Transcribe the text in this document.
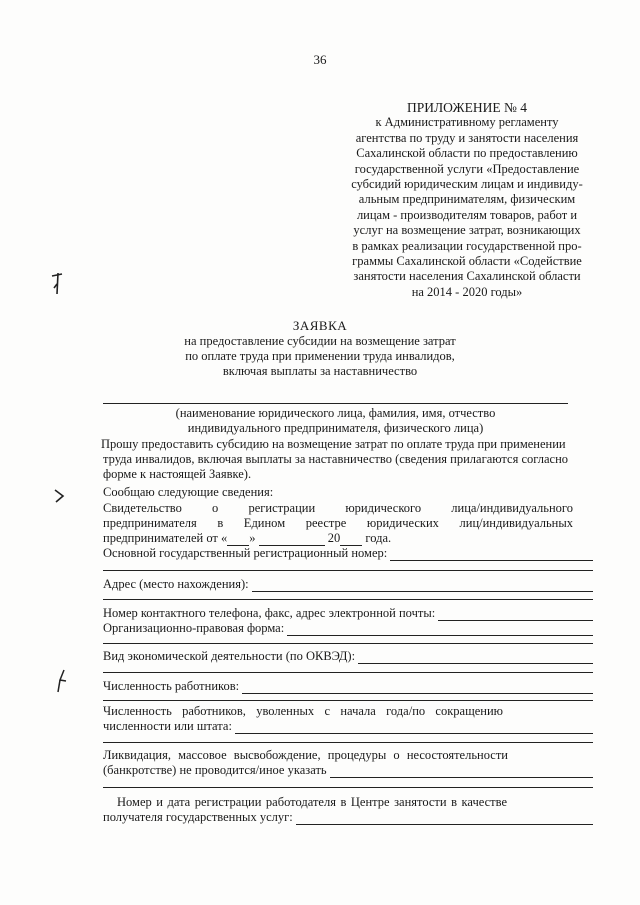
36
ПРИЛОЖЕНИЕ № 4
к Административному регламенту
агентства по труду и занятости населения
Сахалинской области по предоставлению
государственной услуги «Предоставление
субсидий юридическим лицам и индивиду-
альным предпринимателям, физическим
лицам - производителям товаров, работ и
услуг на возмещение затрат, возникающих
в рамках реализации государственной про-
граммы Сахалинской области «Содействие
занятости населения Сахалинской области
на 2014 - 2020 годы»
ЗАЯВКА
на предоставление субсидии на возмещение затрат
по оплате труда при применении труда инвалидов,
включая выплаты за наставничество
(наименование юридического лица, фамилия, имя, отчество
индивидуального предпринимателя, физического лица)
Прошу предоставить субсидию на возмещение затрат по оплате труда при применении
труда инвалидов, включая выплаты за наставничество (сведения прилагаются согласно
форме к настоящей Заявке).
Сообщаю следующие сведения:
Свидетельство о регистрации юридического лица/индивидуального
предпринимателя в Едином реестре юридических лиц/индивидуальных
предпринимателей от « »	20 года.
Основной государственный регистрационный номер:
Адрес (место нахождения):
Номер контактного телефона, факс, адрес электронной почты:
Организационно-правовая форма:
Вид экономической деятельности (по ОКВЭД):
Численность работников:
Численность работников, уволенных с начала года/по сокращению
численности или штата:
Ликвидация, массовое высвобождение, процедуры о несостоятельности
(банкротстве) не проводится/иное указать
Номер и дата регистрации работодателя в Центре занятости в качестве
получателя государственных услуг:
